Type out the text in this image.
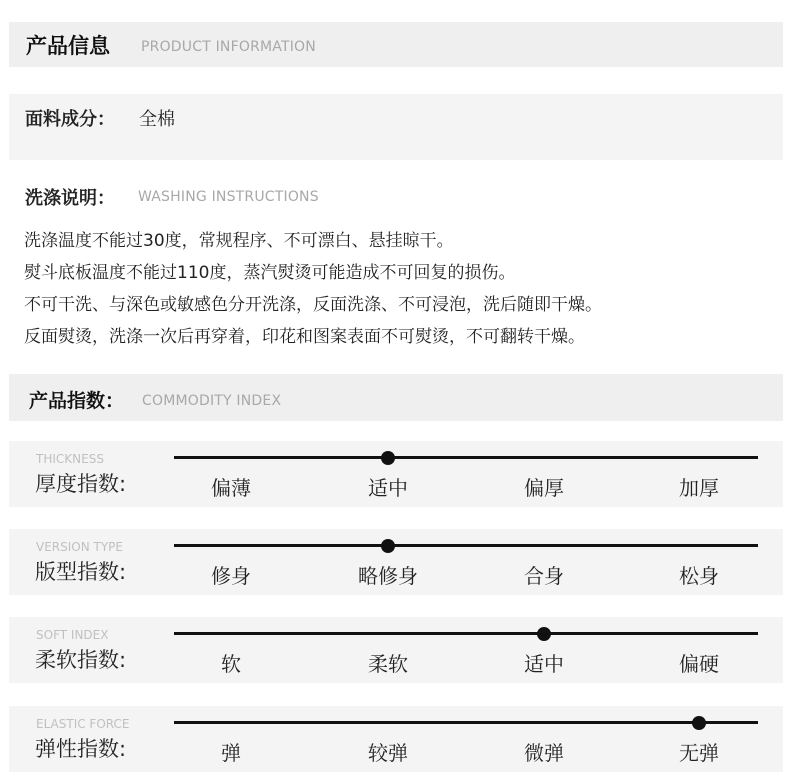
产品信息 PRODUCT INFORMATION
面料成分： 全棉
洗涤说明： WASHING INSTRUCTIONS
洗涤温度不能过30度，常规程序、不可漂白、悬挂晾干。
熨斗底板温度不能过110度，蒸汽熨烫可能造成不可回复的损伤。
不可干洗、与深色或敏感色分开洗涤，反面洗涤、不可浸泡，洗后随即干燥。
反面熨烫，洗涤一次后再穿着，印花和图案表面不可熨烫，不可翻转干燥。
产品指数： COMMODITY INDEX
THICKNESS
厚度指数:	偏薄	适中	偏厚	加厚
VERSION TYPE
版型指数:	修身	略修身	合身	松身
SOFT INDEX
柔软指数:	软	柔软	适中	偏硬
ELASTIC FORCE
弹性指数:	弹	较弹	微弹	无弹
